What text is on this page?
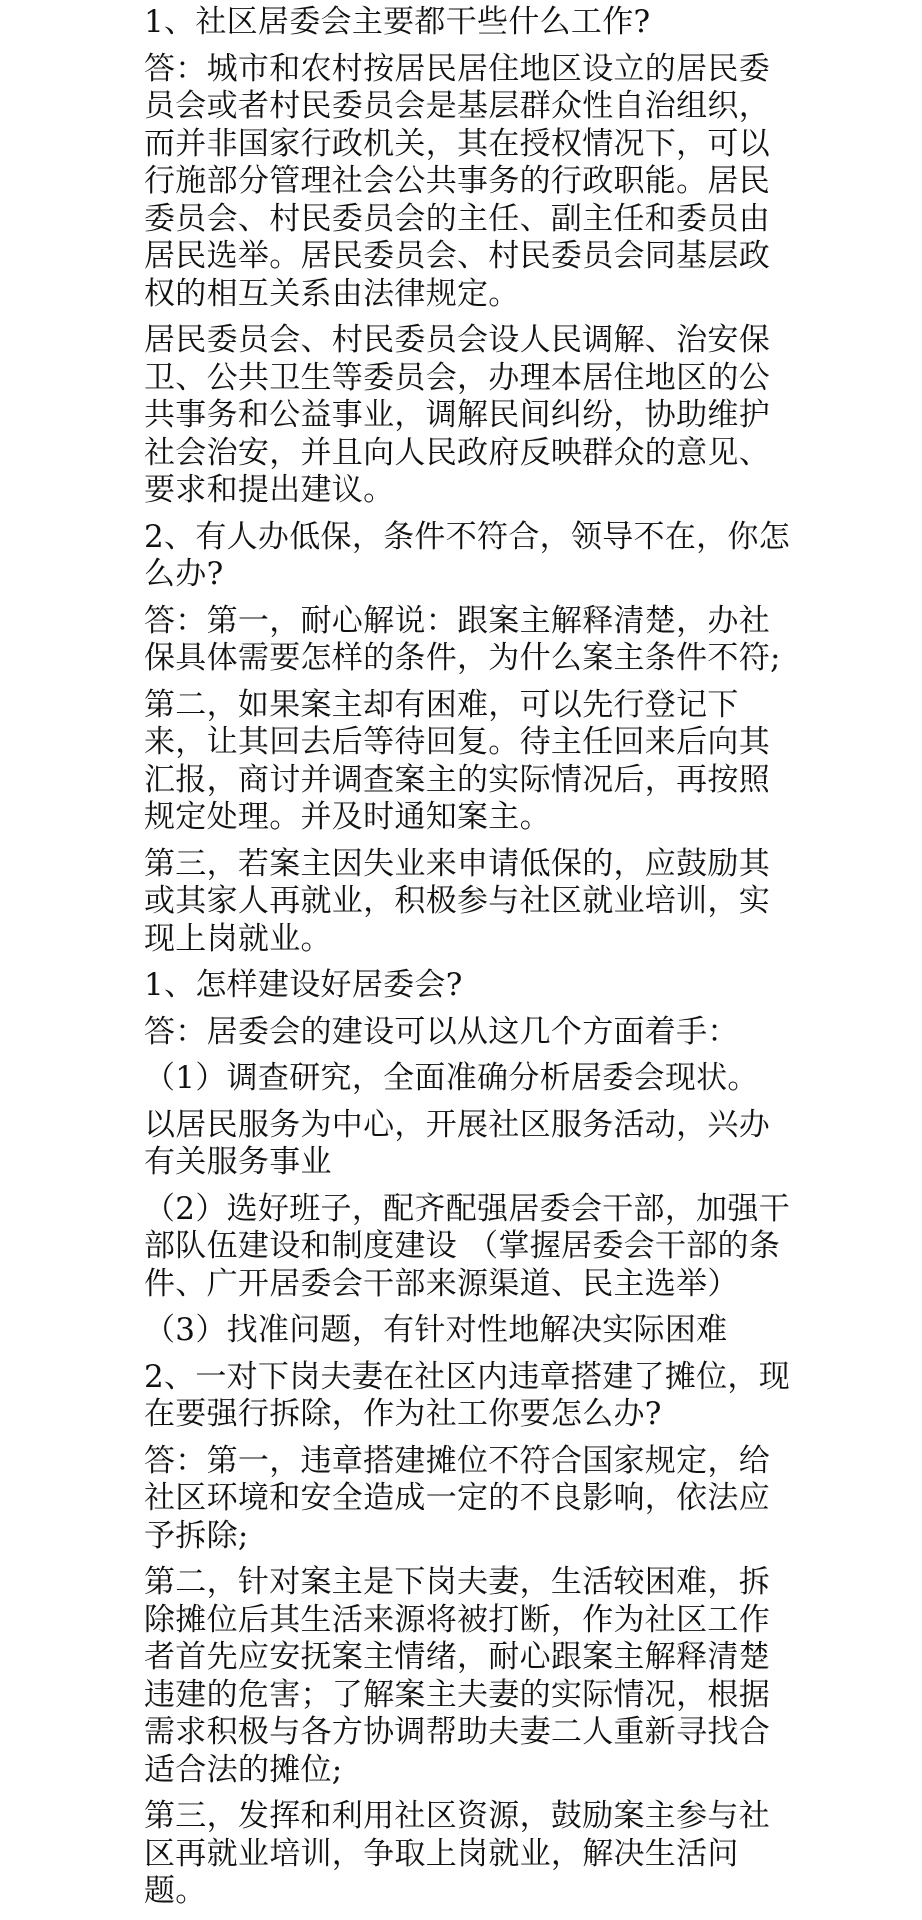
1、社区居委会主要都干些什么工作?

答：城市和农村按居民居住地区设立的居民委员会或者村民委员会是基层群众性自治组织，而并非国家行政机关，其在授权情况下，可以行施部分管理社会公共事务的行政职能。居民委员会、村民委员会的主任、副主任和委员由居民选举。居民委员会、村民委员会同基层政权的相互关系由法律规定。

居民委员会、村民委员会设人民调解、治安保卫、公共卫生等委员会，办理本居住地区的公共事务和公益事业，调解民间纠纷，协助维护社会治安，并且向人民政府反映群众的意见、要求和提出建议。

2、有人办低保，条件不符合，领导不在，你怎么办?

答：第一，耐心解说：跟案主解释清楚，办社保具体需要怎样的条件，为什么案主条件不符;

第二，如果案主却有困难，可以先行登记下来，让其回去后等待回复。待主任回来后向其汇报，商讨并调查案主的实际情况后，再按照规定处理。并及时通知案主。

第三，若案主因失业来申请低保的，应鼓励其或其家人再就业，积极参与社区就业培训，实现上岗就业。

1、怎样建设好居委会?

答：居委会的建设可以从这几个方面着手：

（1）调查研究，全面准确分析居委会现状。

以居民服务为中心，开展社区服务活动，兴办有关服务事业

（2）选好班子，配齐配强居委会干部，加强干部队伍建设和制度建设 （掌握居委会干部的条件、广开居委会干部来源渠道、民主选举）

（3）找准问题，有针对性地解决实际困难

2、一对下岗夫妻在社区内违章搭建了摊位，现在要强行拆除，作为社工你要怎么办?

答：第一，违章搭建摊位不符合国家规定，给社区环境和安全造成一定的不良影响，依法应予拆除;

第二，针对案主是下岗夫妻，生活较困难，拆除摊位后其生活来源将被打断，作为社区工作者首先应安抚案主情绪，耐心跟案主解释清楚违建的危害；了解案主夫妻的实际情况，根据需求积极与各方协调帮助夫妻二人重新寻找合适合法的摊位;

第三，发挥和利用社区资源，鼓励案主参与社区再就业培训，争取上岗就业，解决生活问题。
